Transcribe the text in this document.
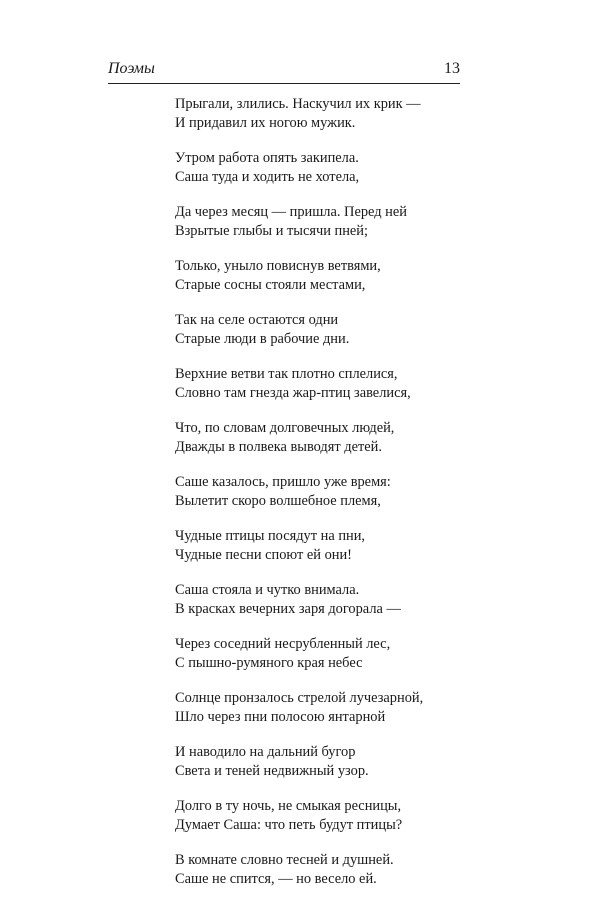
Поэмы	13
Прыгали, злились. Наскучил их крик —
И придавил их ногою мужик.
Утром работа опять закипела.
Саша туда и ходить не хотела,
Да через месяц — пришла. Перед ней
Взрытые глыбы и тысячи пней;
Только, уныло повиснув ветвями,
Старые сосны стояли местами,
Так на селе остаются одни
Старые люди в рабочие дни.
Верхние ветви так плотно сплелися,
Словно там гнезда жар-птиц завелися,
Что, по словам долговечных людей,
Дважды в полвека выводят детей.
Саше казалось, пришло уже время:
Вылетит скоро волшебное племя,
Чудные птицы посядут на пни,
Чудные песни споют ей они!
Саша стояла и чутко внимала.
В красках вечерних заря догорала —
Через соседний несрубленный лес,
С пышно-румяного края небес
Солнце пронзалось стрелой лучезарной,
Шло через пни полосою янтарной
И наводило на дальний бугор
Света и теней недвижный узор.
Долго в ту ночь, не смыкая ресницы,
Думает Саша: что петь будут птицы?
В комнате словно тесней и душней.
Саше не спится, — но весело ей.
